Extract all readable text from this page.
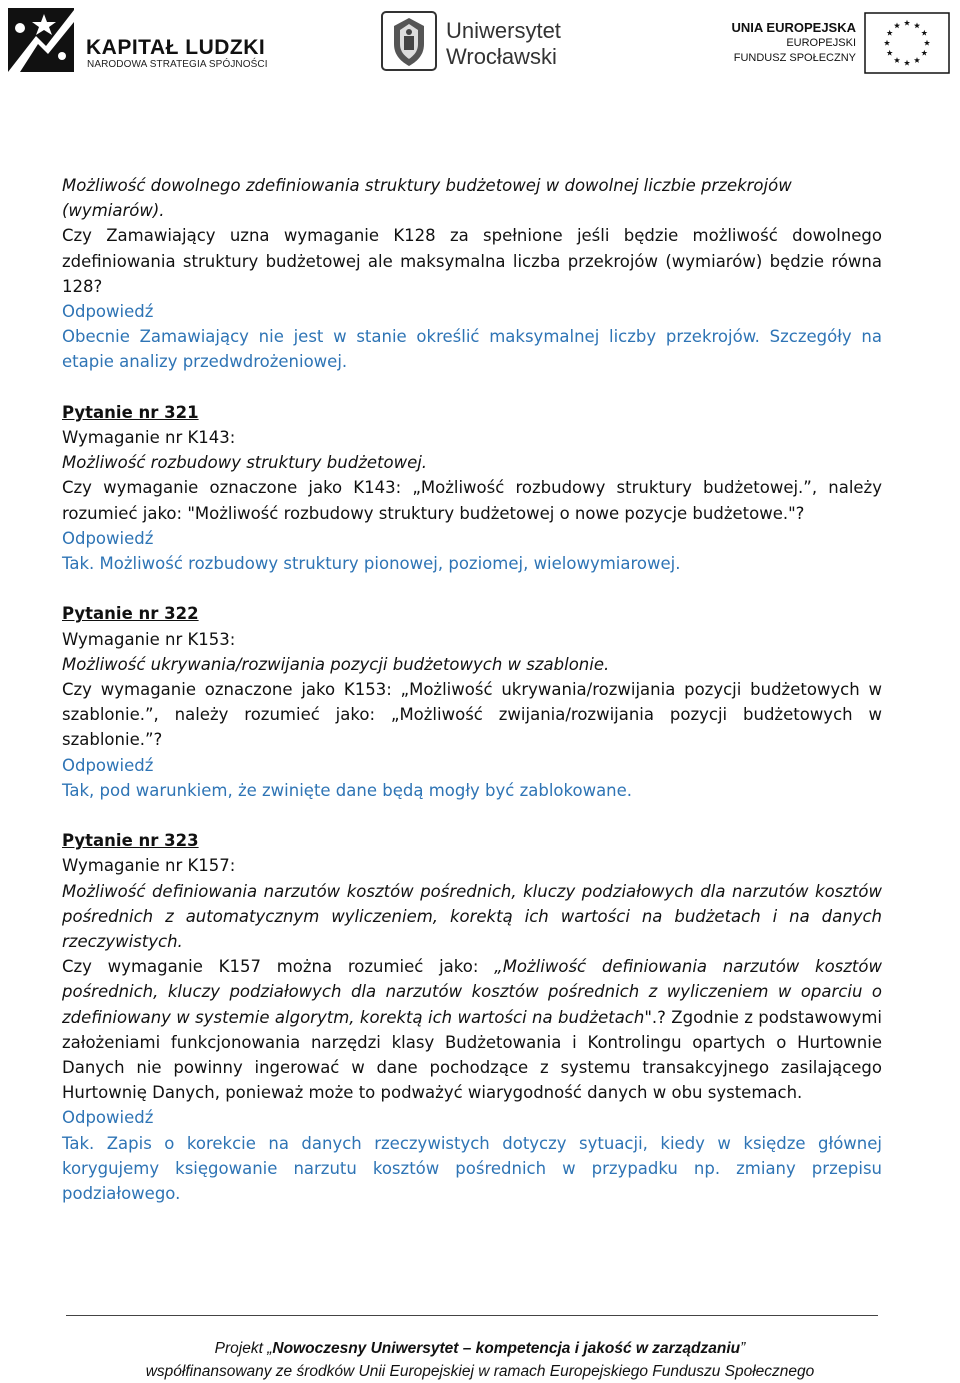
KAPITAŁ LUDZKI
NARODOWA STRATEGIA SPÓJNOŚCI
Uniwersytet
Wrocławski
UNIA EUROPEJSKA
EUROPEJSKI
FUNDUSZ SPOŁECZNY

Możliwość dowolnego zdefiniowania struktury budżetowej w dowolnej liczbie przekrojów (wymiarów).

Czy Zamawiający uzna wymaganie K128 za spełnione jeśli będzie możliwość dowolnego zdefiniowania struktury budżetowej ale maksymalna liczba przekrojów (wymiarów) będzie równa 128?

Odpowiedź

Obecnie Zamawiający nie jest w stanie określić maksymalnej liczby przekrojów. Szczegóły na etapie analizy przedwdrożeniowej.

Pytanie nr 321

Wymaganie nr K143:

Możliwość rozbudowy struktury budżetowej.

Czy wymaganie oznaczone jako K143: „Możliwość rozbudowy struktury budżetowej.”, należy rozumieć jako: "Możliwość rozbudowy struktury budżetowej o nowe pozycje budżetowe."?

Odpowiedź

Tak. Możliwość rozbudowy struktury pionowej, poziomej, wielowymiarowej.

Pytanie nr 322

Wymaganie nr K153:

Możliwość ukrywania/rozwijania pozycji budżetowych w szablonie.

Czy wymaganie oznaczone jako K153: „Możliwość ukrywania/rozwijania pozycji budżetowych w szablonie.”, należy rozumieć jako: „Możliwość zwijania/rozwijania pozycji budżetowych w szablonie.”?

Odpowiedź

Tak, pod warunkiem, że zwinięte dane będą mogły być zablokowane.

Pytanie nr 323

Wymaganie nr K157:

Możliwość definiowania narzutów kosztów pośrednich, kluczy podziałowych dla narzutów kosztów pośrednich z automatycznym wyliczeniem, korektą ich wartości na budżetach i na danych rzeczywistych.

Czy wymaganie K157 można rozumieć jako: „Możliwość definiowania narzutów kosztów pośrednich, kluczy podziałowych dla narzutów kosztów pośrednich z wyliczeniem w oparciu o zdefiniowany w systemie algorytm, korektą ich wartości na budżetach".? Zgodnie z podstawowymi założeniami funkcjonowania narzędzi klasy Budżetowania i Kontrolingu opartych o Hurtownie Danych nie powinny ingerować w dane pochodzące z systemu transakcyjnego zasilającego Hurtownię Danych, ponieważ może to podważyć wiarygodność danych w obu systemach.

Odpowiedź

Tak. Zapis o korekcie na danych rzeczywistych dotyczy sytuacji, kiedy w księdze głównej korygujemy księgowanie narzutu kosztów pośrednich w przypadku np. zmiany przepisu podziałowego.

Projekt „Nowoczesny Uniwersytet – kompetencja i jakość w zarządzaniu”
współfinansowany ze środków Unii Europejskiej w ramach Europejskiego Funduszu Społecznego
